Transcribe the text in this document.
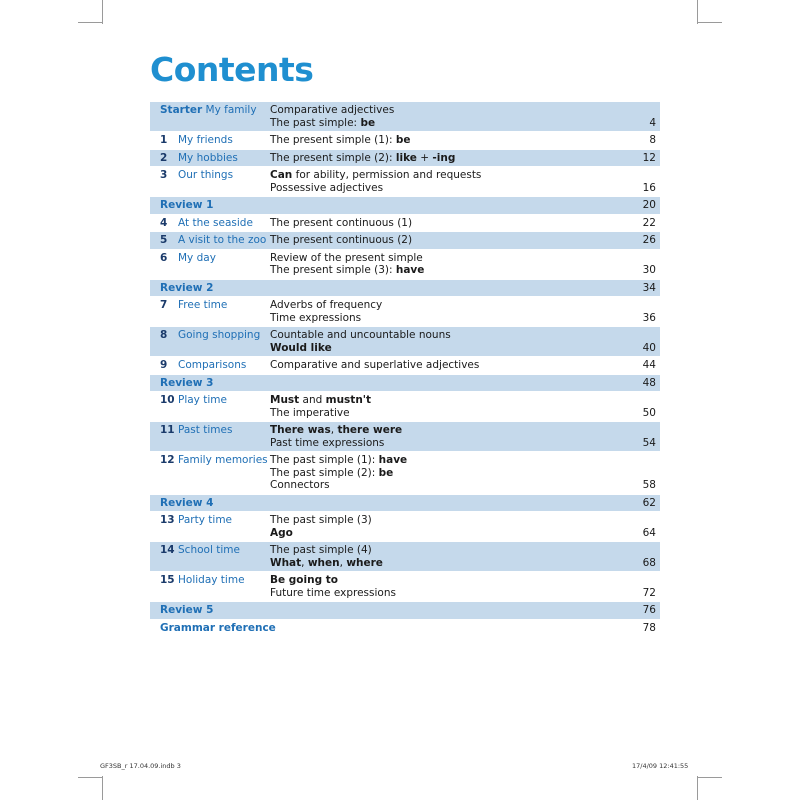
Contents
Starter My family		Comparative adjectives
The past simple: be	4
1	My friends	The present simple (1): be	8
2	My hobbies	The present simple (2): like + -ing	12
3	Our things	Can for ability, permission and requests
Possessive adjectives	16
Review 1			20
4	At the seaside	The present continuous (1)	22
5	A visit to the zoo	The present continuous (2)	26
6	My day	Review of the present simple
The present simple (3): have	30
Review 2			34
7	Free time	Adverbs of frequency
Time expressions	36
8	Going shopping	Countable and uncountable nouns
Would like	40
9	Comparisons	Comparative and superlative adjectives	44
Review 3			48
10	Play time	Must and mustn't
The imperative	50
11	Past times	There was, there were
Past time expressions	54
12	Family memories	The past simple (1): have
The past simple (2): be
Connectors	58
Review 4			62
13	Party time	The past simple (3)
Ago	64
14	School time	The past simple (4)
What, when, where	68
15	Holiday time	Be going to
Future time expressions	72
Review 5			76
Grammar reference			78
GF3SB_r 17.04.09.indb 3	17/4/09 12:41:55
